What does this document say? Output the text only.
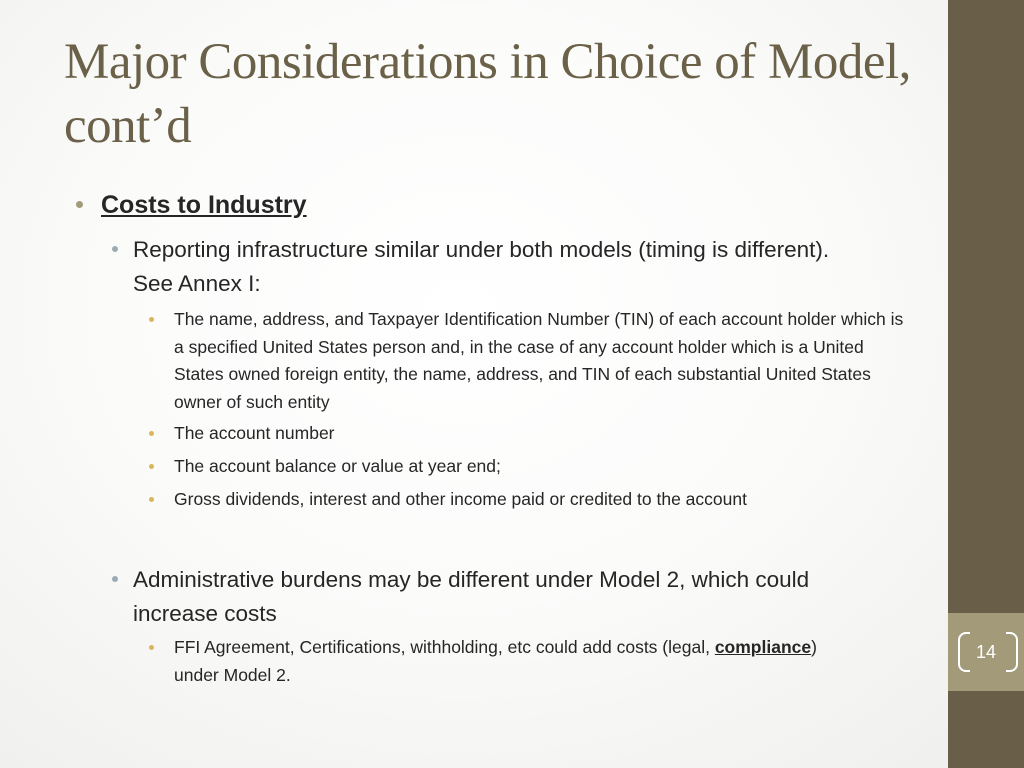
14
Major Considerations in Choice of Model, cont’d
Costs to Industry
Reporting infrastructure similar under both models (timing is different). See Annex I:
The name, address, and Taxpayer Identification Number (TIN) of each account holder which is a specified United States person and, in the case of any account holder which is a United States owned foreign entity, the name, address, and TIN of each substantial United States owner of such entity
The account number
The account balance or value at year end;
Gross dividends, interest and other income paid or credited to the account
Administrative burdens may be different under Model 2, which could increase costs
FFI Agreement, Certifications, withholding, etc could add costs (legal, compliance) under Model 2.
